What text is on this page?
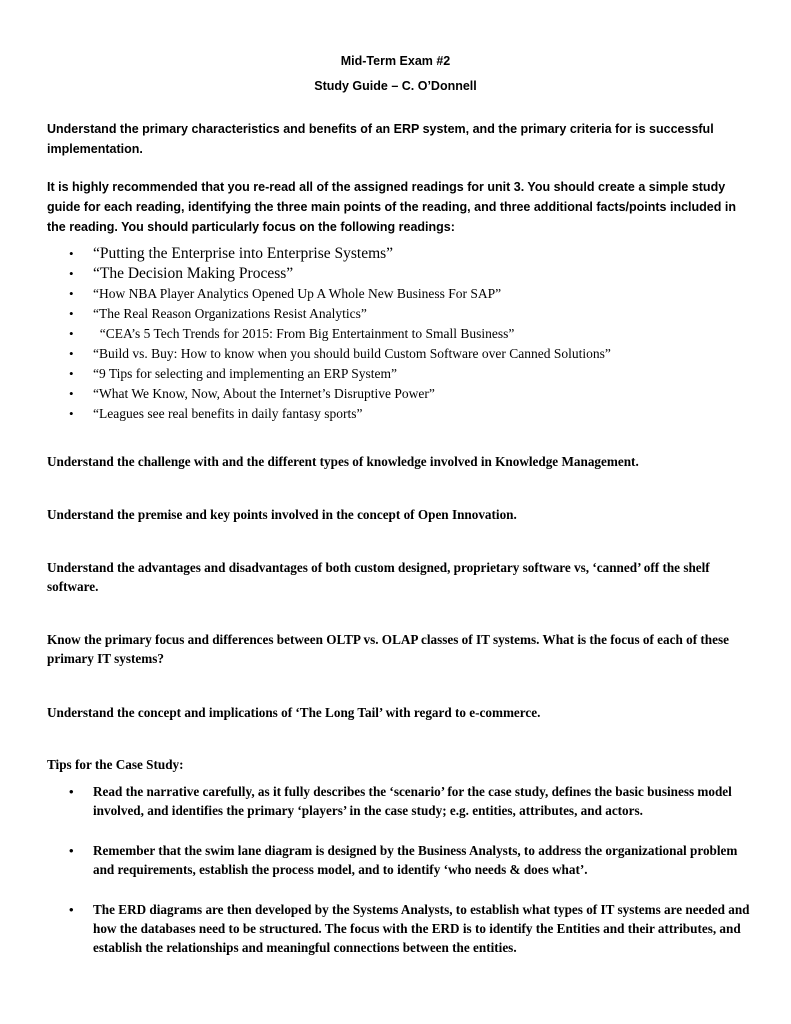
Mid-Term Exam #2
Study Guide – C. O’Donnell
Understand the primary characteristics and benefits of an ERP system, and the primary criteria for is successful implementation.
It is highly recommended that you re-read all of the assigned readings for unit 3. You should create a simple study guide for each reading, identifying the three main points of the reading, and three additional facts/points included in the reading. You should particularly focus on the following readings:
• “Putting the Enterprise into Enterprise Systems”
• “The Decision Making Process”
• “How NBA Player Analytics Opened Up A Whole New Business For SAP”
• “The Real Reason Organizations Resist Analytics”
• “CEA’s 5 Tech Trends for 2015: From Big Entertainment to Small Business”
• “Build vs. Buy: How to know when you should build Custom Software over Canned Solutions”
• “9 Tips for selecting and implementing an ERP System”
• “What We Know, Now, About the Internet’s Disruptive Power”
• “Leagues see real benefits in daily fantasy sports”
Understand the challenge with and the different types of knowledge involved in Knowledge Management.
Understand the premise and key points involved in the concept of Open Innovation.
Understand the advantages and disadvantages of both custom designed, proprietary software vs, ‘canned’ off the shelf software.
Know the primary focus and differences between OLTP vs. OLAP classes of IT systems. What is the focus of each of these primary IT systems?
Understand the concept and implications of ‘The Long Tail’ with regard to e-commerce.
Tips for the Case Study:
• Read the narrative carefully, as it fully describes the ‘scenario’ for the case study, defines the basic business model involved, and identifies the primary ‘players’ in the case study; e.g. entities, attributes, and actors.
• Remember that the swim lane diagram is designed by the Business Analysts, to address the organizational problem and requirements, establish the process model, and to identify ‘who needs & does what’.
• The ERD diagrams are then developed by the Systems Analysts, to establish what types of IT systems are needed and how the databases need to be structured. The focus with the ERD is to identify the Entities and their attributes, and establish the relationships and meaningful connections between the entities.
